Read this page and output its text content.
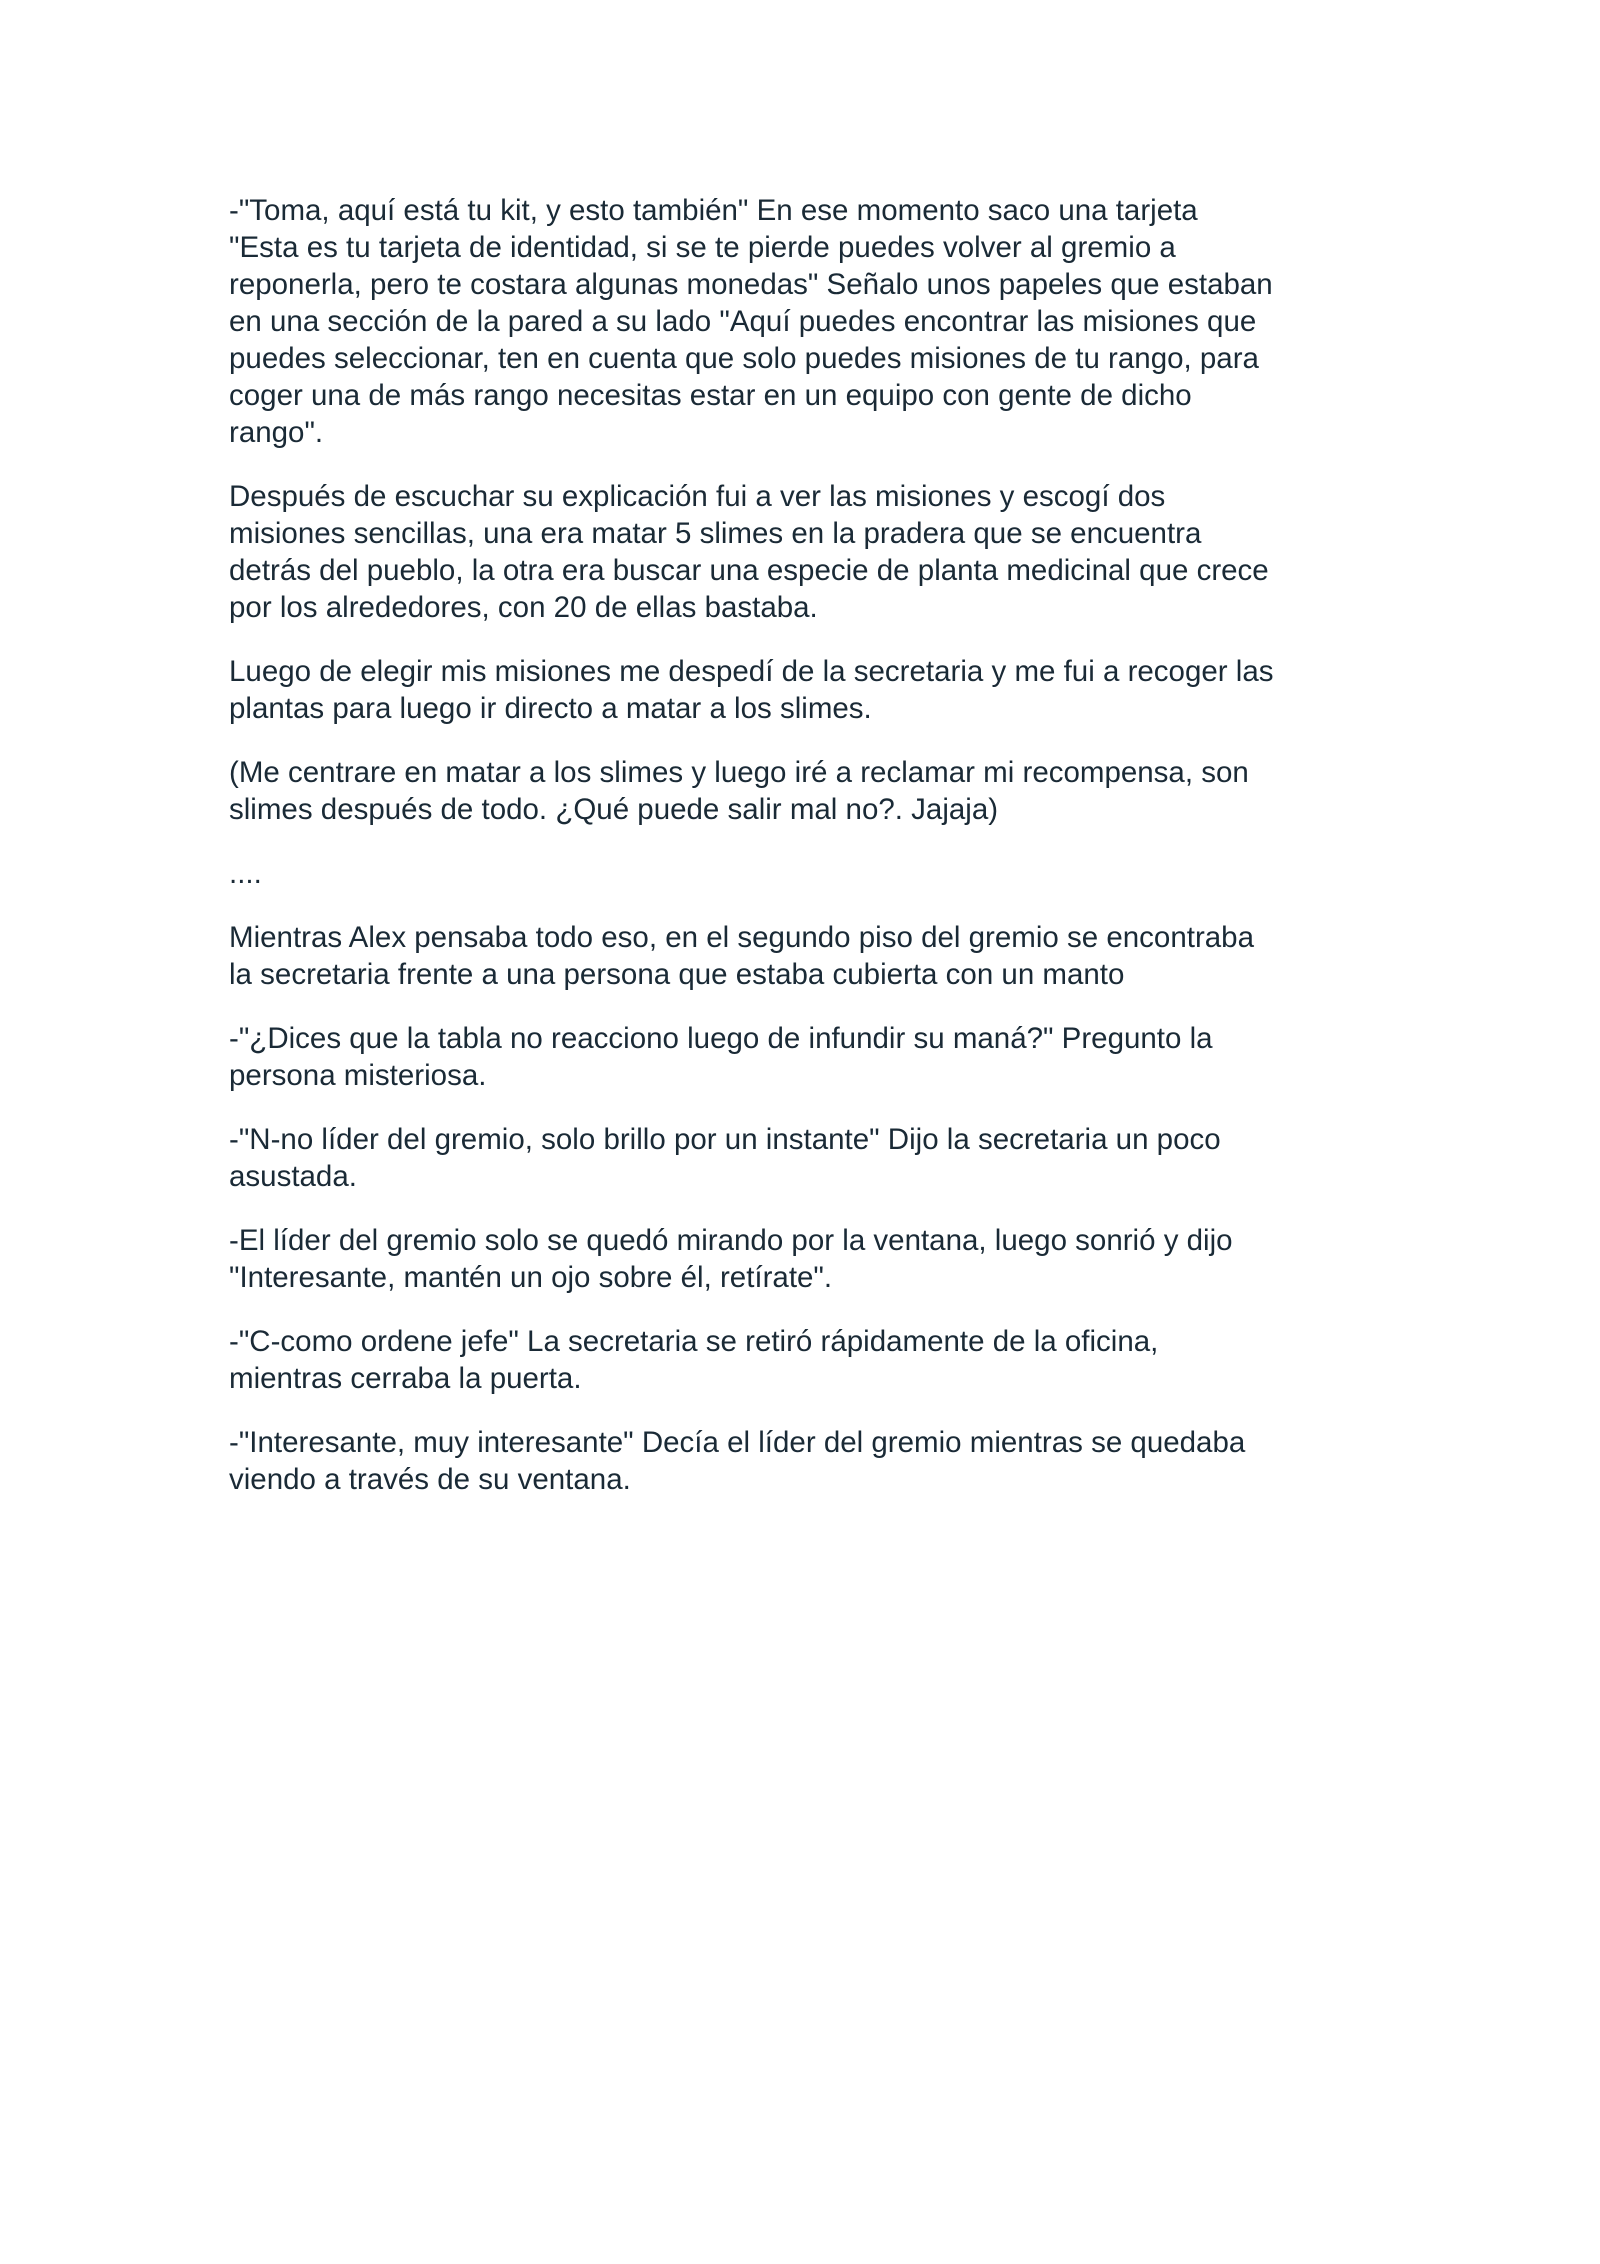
-"Toma, aquí está tu kit, y esto también" En ese momento saco una tarjeta
"Esta es tu tarjeta de identidad, si se te pierde puedes volver al gremio a
reponerla, pero te costara algunas monedas" Señalo unos papeles que estaban
en una sección de la pared a su lado "Aquí puedes encontrar las misiones que
puedes seleccionar, ten en cuenta que solo puedes misiones de tu rango, para
coger una de más rango necesitas estar en un equipo con gente de dicho
rango".

Después de escuchar su explicación fui a ver las misiones y escogí dos
misiones sencillas, una era matar 5 slimes en la pradera que se encuentra
detrás del pueblo, la otra era buscar una especie de planta medicinal que crece
por los alrededores, con 20 de ellas bastaba.

Luego de elegir mis misiones me despedí de la secretaria y me fui a recoger las
plantas para luego ir directo a matar a los slimes.

(Me centrare en matar a los slimes y luego iré a reclamar mi recompensa, son
slimes después de todo. ¿Qué puede salir mal no?. Jajaja)

....

Mientras Alex pensaba todo eso, en el segundo piso del gremio se encontraba
la secretaria frente a una persona que estaba cubierta con un manto

-"¿Dices que la tabla no reacciono luego de infundir su maná?" Pregunto la
persona misteriosa.

-"N-no líder del gremio, solo brillo por un instante" Dijo la secretaria un poco
asustada.

-El líder del gremio solo se quedó mirando por la ventana, luego sonrió y dijo
"Interesante, mantén un ojo sobre él, retírate".

-"C-como ordene jefe" La secretaria se retiró rápidamente de la oficina,
mientras cerraba la puerta.

-"Interesante, muy interesante" Decía el líder del gremio mientras se quedaba
viendo a través de su ventana.
